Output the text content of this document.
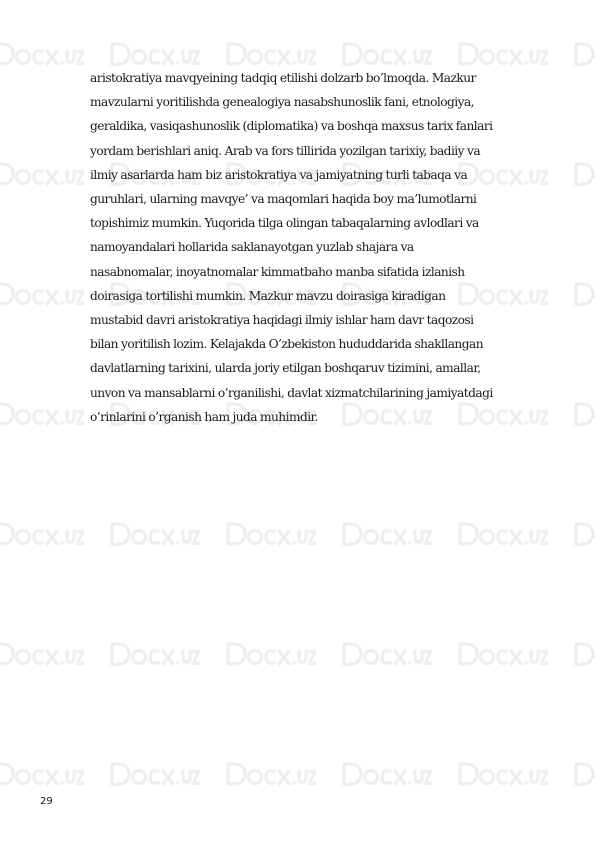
aristokratiya mavqyeining tadqiq etilishi dolzarb bo’lmoqda. Mazkur
mavzularni yoritilishda genealogiya nasabshunoslik fani, etnologiya,
geraldika, vasiqashunoslik (diplomatika) va boshqa maxsus tarix fanlari
yordam berishlari aniq. Arab va fors tillirida yozilgan tarixiy, badiiy va
ilmiy asarlarda ham biz aristokratiya va jamiyatning turli tabaqa va
guruhlari, ularning mavqye’ va maqomlari haqida boy ma’lumotlarni
topishimiz mumkin. Yuqorida tilga olingan tabaqalarning avlodlari va
namoyandalari hollarida saklanayotgan yuzlab shajara va
nasabnomalar, inoyatnomalar kimmatbaho manba sifatida izlanish
doirasiga tortilishi mumkin. Mazkur mavzu doirasiga kiradigan
mustabid davri aristokratiya haqidagi ilmiy ishlar ham davr taqozosi
bilan yoritilish lozim. Kelajakda O’zbekiston hududdarida shakllangan
davlatlarning tarixini, ularda joriy etilgan boshqaruv tizimini, amallar,
unvon va mansablarni o’rganilishi, davlat xizmatchilarining jamiyatdagi
o’rinlarini o’rganish ham juda muhimdir.
29
